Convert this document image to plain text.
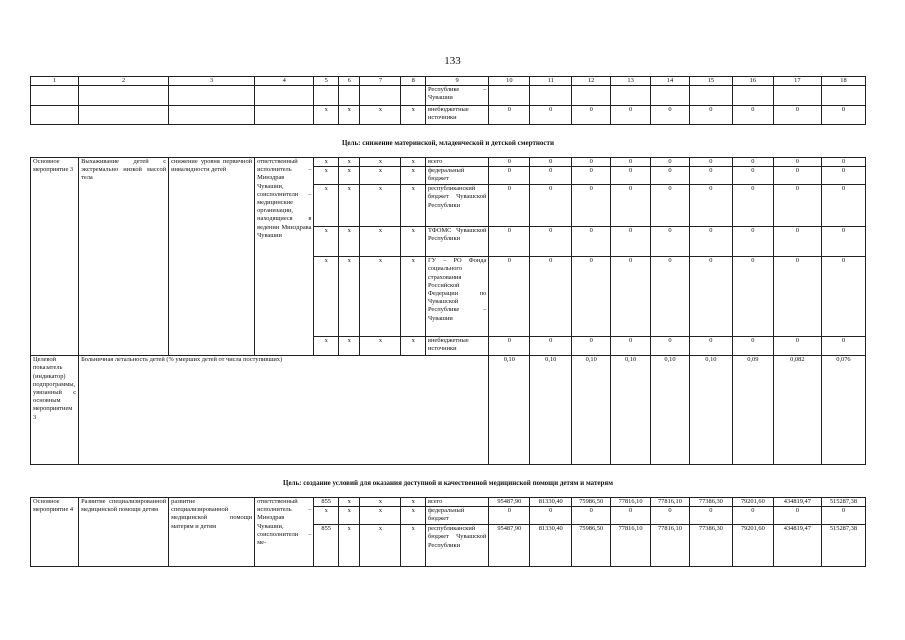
133
1	2	3	4	5	6	7	8	9	10	11	12	13	14	15	16	17	18
								Республике – Чувашии									
				x	x	x	x	внебюджетные источники	0	0	0	0	0	0	0	0	0
Цель: снижение материнской, младенческой и детской смертности
Основное мероприятие 3	Выхаживание детей с экстремально низкой массой тела	снижение уровня первичной инвалидности детей	ответственный исполнитель – Минздрав Чувашии, соисполнители – медицинские организации, находящиеся в ведении Минздрава Чувашии	x	x	x	x	всего	0	0	0	0	0	0	0	0	0
				x	x	x	x	федеральный бюджет	0	0	0	0	0	0	0	0	0
				x	x	x	x	республиканский бюджет Чувашской Республики	0	0	0	0	0	0	0	0	0
				x	x	x	x	ТФОМС Чувашской Республики	0	0	0	0	0	0	0	0	0
				x	x	x	x	ГУ – РО Фонда социального страхования Российской Федерации по Чувашской Республике – Чувашии	0	0	0	0	0	0	0	0	0
				x	x	x	x	внебюджетные источники	0	0	0	0	0	0	0	0	0
Целевой показатель (индикатор) подпрограммы, увязанный с основным мероприятием 3	Больничная летальность детей (% умерших детей от числа поступивших)								0,10	0,10	0,10	0,10	0,10	0,10	0,09	0,082	0,076
Цель: создание условий для оказания доступной и качественной медицинской помощи детям и матерям
Основное мероприятие 4	Развитие специализированной медицинской помощи детям	развитие специализированной медицинской помощи матерям и детям	ответственный исполнитель – Минздрав Чувашии, соисполнители – ме-	855	x	x	x	всего	95487,90	81330,40	75986,50	77816,10	77816,10	77386,30	79201,60	434819,47	515287,38
				x	x	x	x	федеральный бюджет	0	0	0	0	0	0	0	0	0
				855	x	x	x	республиканский бюджет Чувашской Республики	95487,90	81330,40	75986,50	77816,10	77816,10	77386,30	79201,60	434819,47	515287,38
